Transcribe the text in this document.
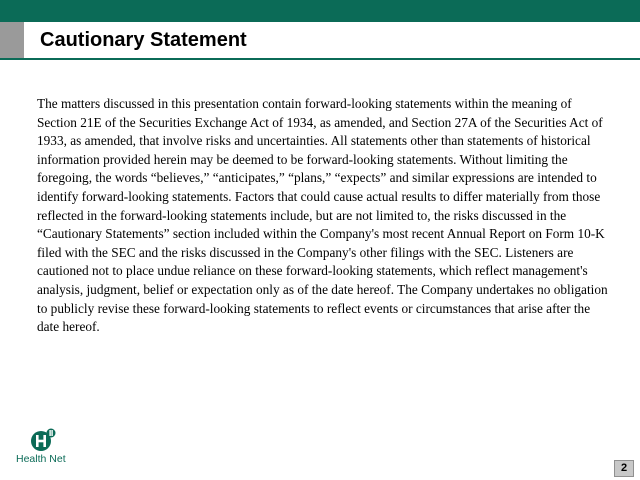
Cautionary Statement

The matters discussed in this presentation contain forward-looking statements within the meaning of Section 21E of the Securities Exchange Act of 1934, as amended, and Section 27A of the Securities Act of 1933, as amended, that involve risks and uncertainties. All statements other than statements of historical information provided herein may be deemed to be forward-looking statements. Without limiting the foregoing, the words “believes,” “anticipates,” “plans,” “expects” and similar expressions are intended to identify forward-looking statements. Factors that could cause actual results to differ materially from those reflected in the forward-looking statements include, but are not limited to, the risks discussed in the “Cautionary Statements” section included within the Company's most recent Annual Report on Form 10-K filed with the SEC and the risks discussed in the Company's other filings with the SEC. Listeners are cautioned not to place undue reliance on these forward-looking statements, which reflect management's analysis, judgment, belief or expectation only as of the date hereof. The Company undertakes no obligation to publicly revise these forward-looking statements to reflect events or circumstances that arise after the date hereof.

Health Net
2
